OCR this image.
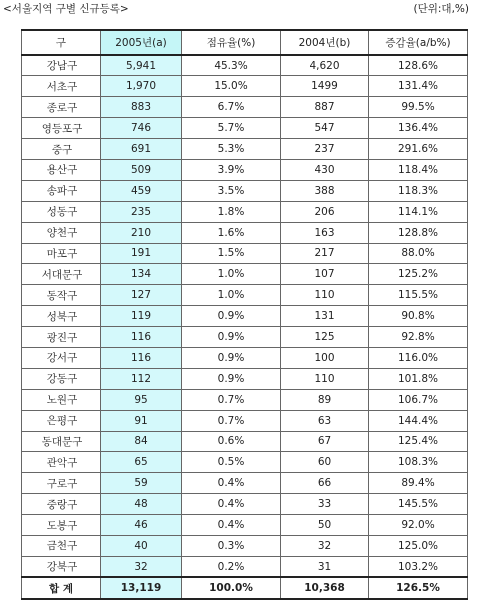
<서울지역 구별 신규등록>	(단위:대,%)
구	2005년(a)	점유율(%)	2004년(b)	증감율(a/b%)
강남구	5,941	45.3%	4,620	128.6%
서초구	1,970	15.0%	1499	131.4%
종로구	883	6.7%	887	99.5%
영등포구	746	5.7%	547	136.4%
중구	691	5.3%	237	291.6%
용산구	509	3.9%	430	118.4%
송파구	459	3.5%	388	118.3%
성동구	235	1.8%	206	114.1%
양천구	210	1.6%	163	128.8%
마포구	191	1.5%	217	88.0%
서대문구	134	1.0%	107	125.2%
동작구	127	1.0%	110	115.5%
성북구	119	0.9%	131	90.8%
광진구	116	0.9%	125	92.8%
강서구	116	0.9%	100	116.0%
강동구	112	0.9%	110	101.8%
노원구	95	0.7%	89	106.7%
은평구	91	0.7%	63	144.4%
동대문구	84	0.6%	67	125.4%
관악구	65	0.5%	60	108.3%
구로구	59	0.4%	66	89.4%
중랑구	48	0.4%	33	145.5%
도봉구	46	0.4%	50	92.0%
금천구	40	0.3%	32	125.0%
강북구	32	0.2%	31	103.2%
합 계	13,119	100.0%	10,368	126.5%
